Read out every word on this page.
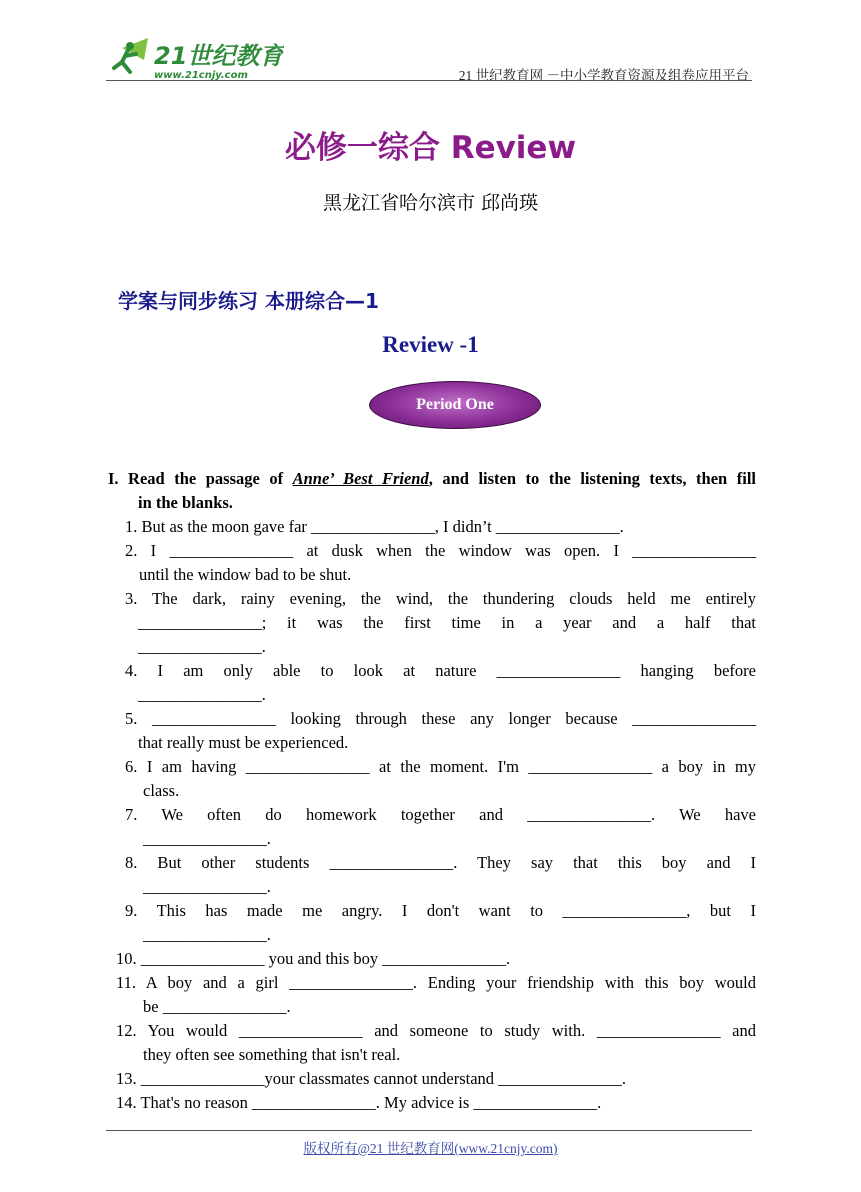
21世纪教育
www.21cnjy.com	21 世纪教育网 －中小学教育资源及组卷应用平台
必修一综合 Review
黑龙江省哈尔滨市 邱尚瑛
学案与同步练习 本册综合—1
Review -1
Period One
I. Read the passage of Anne’ Best Friend, and listen to the listening texts, then fill
in the blanks.
1. But as the moon gave far _______________, I didn’t _______________.
2. I _______________ at dusk when the window was open. I _______________
until the window bad to be shut.
3. The dark, rainy evening, the wind, the thundering clouds held me entirely
_______________; it was the first time in a year and a half that
_______________.
4. I am only able to look at nature _______________ hanging before
_______________.
5. _______________ looking through these any longer because _______________
that really must be experienced.
6. I am having _______________ at the moment. I'm _______________ a boy in my
class.
7. We often do homework together and _______________. We have
_______________.
8. But other students _______________. They say that this boy and I
_______________.
9. This has made me angry. I don't want to _______________, but I
_______________.
10. _______________ you and this boy _______________.
11. A boy and a girl _______________. Ending your friendship with this boy would
be _______________.
12. You would _______________ and someone to study with. _______________ and
they often see something that isn't real.
13. _______________your classmates cannot understand _______________.
14. That's no reason _______________. My advice is _______________.
版权所有@21 世纪教育网(www.21cnjy.com)
